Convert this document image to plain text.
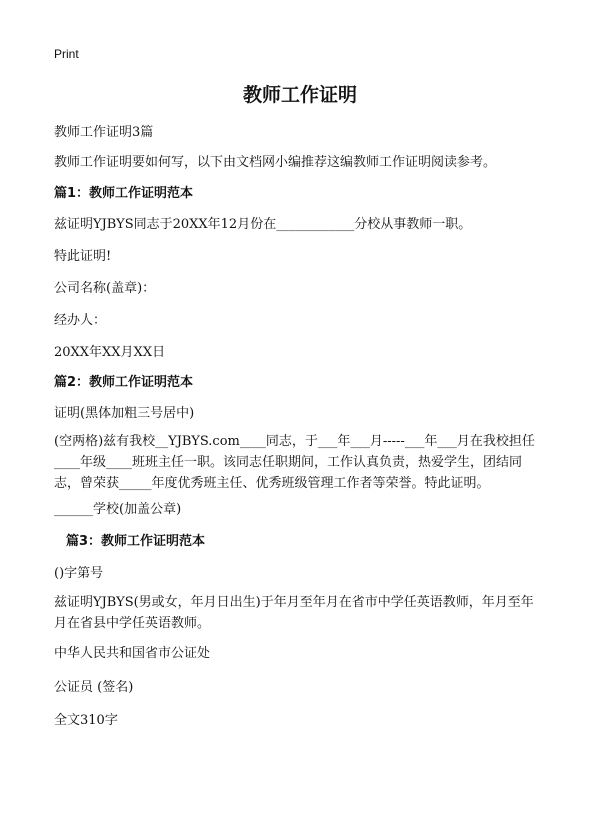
Print
教师工作证明
教师工作证明3篇
教师工作证明要如何写，以下由文档网小编推荐这编教师工作证明阅读参考。
篇1：教师工作证明范本
兹证明YJBYS同志于20XX年12月份在____________分校从事教师一职。
特此证明!
公司名称(盖章)：
经办人：
20XX年XX月XX日
篇2：教师工作证明范本
证明(黑体加粗三号居中)
(空两格)兹有我校__YJBYS.com____同志，于___年___月-----___年___月在我校担任____年级____班班主任一职。该同志任职期间，工作认真负责，热爱学生，团结同志，曾荣获_____年度优秀班主任、优秀班级管理工作者等荣誉。特此证明。
______学校(加盖公章)
篇3：教师工作证明范本
()字第号
兹证明YJBYS(男或女，年月日出生)于年月至年月在省市中学任英语教师，年月至年月在省县中学任英语教师。
中华人民共和国省市公证处
公证员 (签名)
全文310字
